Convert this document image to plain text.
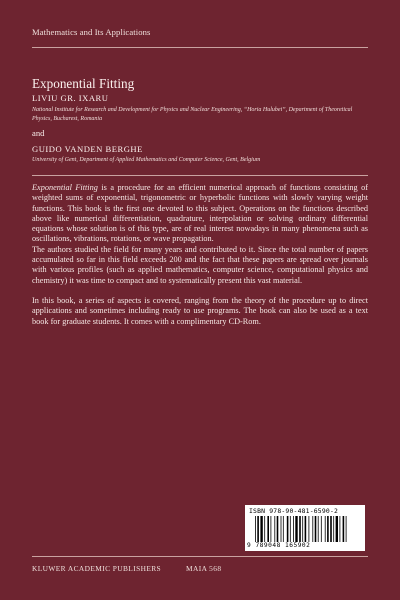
Mathematics and Its Applications
Exponential Fitting
LIVIU GR. IXARU
National Institute for Research and Development for Physics and Nuclear Engineering, “Horia Hulubei”, Department of Theoretical Physics, Bucharest, Romania
and
GUIDO VANDEN BERGHE
University of Gent, Department of Applied Mathematics and Computer Science, Gent, Belgium

Exponential Fitting is a procedure for an efficient numerical approach of functions consisting of weighted sums of exponential, trigonometric or hyperbolic functions with slowly varying weight functions. This book is the first one devoted to this subject. Operations on the functions described above like numerical differentiation, quadrature, interpolation or solving ordinary differential equations whose solution is of this type, are of real interest nowadays in many phenomena such as oscillations, vibrations, rotations, or wave propagation.

The authors studied the field for many years and contributed to it. Since the total number of papers accumulated so far in this field exceeds 200 and the fact that these papers are spread over journals with various profiles (such as applied mathematics, computer science, computational physics and chemistry) it was time to compact and to systematically present this vast material.

In this book, a series of aspects is covered, ranging from the theory of the procedure up to direct applications and sometimes including ready to use programs. The book can also be used as a text book for graduate students. It comes with a complimentary CD-Rom.

ISBN 978-90-481-6590-2
9 789048 165902
KLUWER ACADEMIC PUBLISHERS	MAIA 568
